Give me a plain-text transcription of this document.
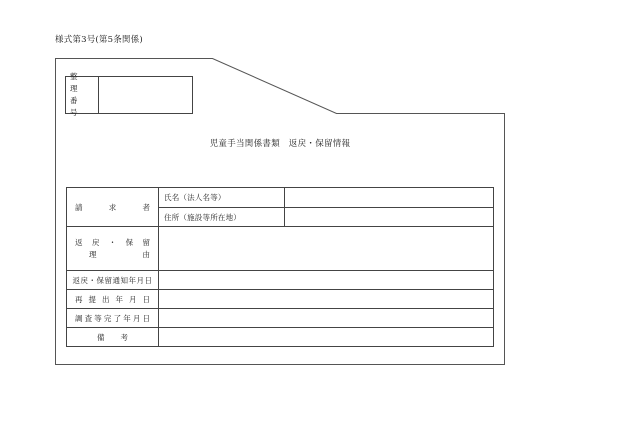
様式第3号(第5条関係)
整 理
番 号
児童手当関係書類　返戻・保留情報
請求者	氏名（法人名等）	
	住所（施設等所在地）	

返戻・保留
理由		

返戻・保留通知年月日		
再提出年月日		
調査等完了年月日		
備考		
